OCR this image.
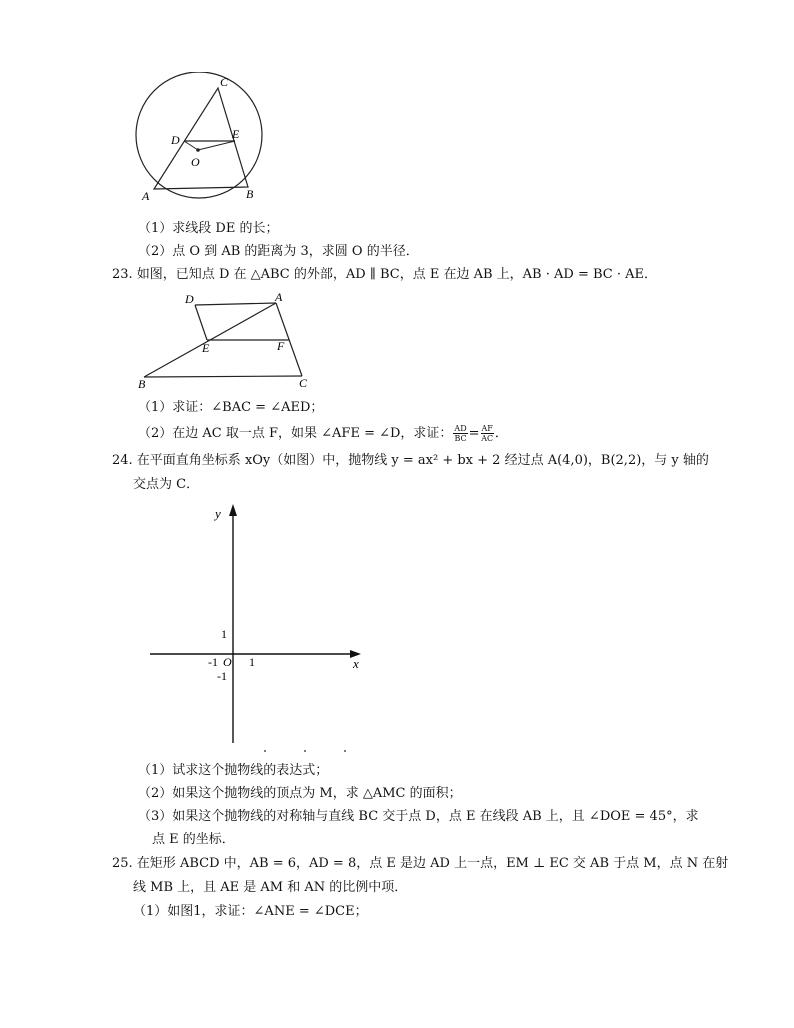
C
D	E
O
A	B
（1）求线段 DE 的长；
（2）点 O 到 AB 的距离为 3，求圆 O 的半径．
23. 如图，已知点 D 在 △ABC 的外部，AD ∥ BC，点 E 在边 AB 上，AB · AD = BC · AE．
D	A
E	F
B	C
（1）求证：∠BAC = ∠AED；
（2）在边 AC 取一点 F，如果 ∠AFE = ∠D，求证： $\frac{AD}{BC} = \frac{AF}{AC}$ ．
24. 在平面直角坐标系 xOy（如图）中，抛物线 y = ax² + bx + 2 经过点 A(4,0)，B(2,2)，与 y 轴的
交点为 C．
y
x
1
-1 O 1
-1
（1）试求这个抛物线的表达式；
（2）如果这个抛物线的顶点为 M，求 △AMC 的面积；
（3）如果这个抛物线的对称轴与直线 BC 交于点 D，点 E 在线段 AB 上，且 ∠DOE = 45°，求
点 E 的坐标．
25. 在矩形 ABCD 中，AB = 6，AD = 8，点 E 是边 AD 上一点，EM ⊥ EC 交 AB 于点 M，点 N 在射
线 MB 上，且 AE 是 AM 和 AN 的比例中项．
（1）如图1，求证：∠ANE = ∠DCE；
